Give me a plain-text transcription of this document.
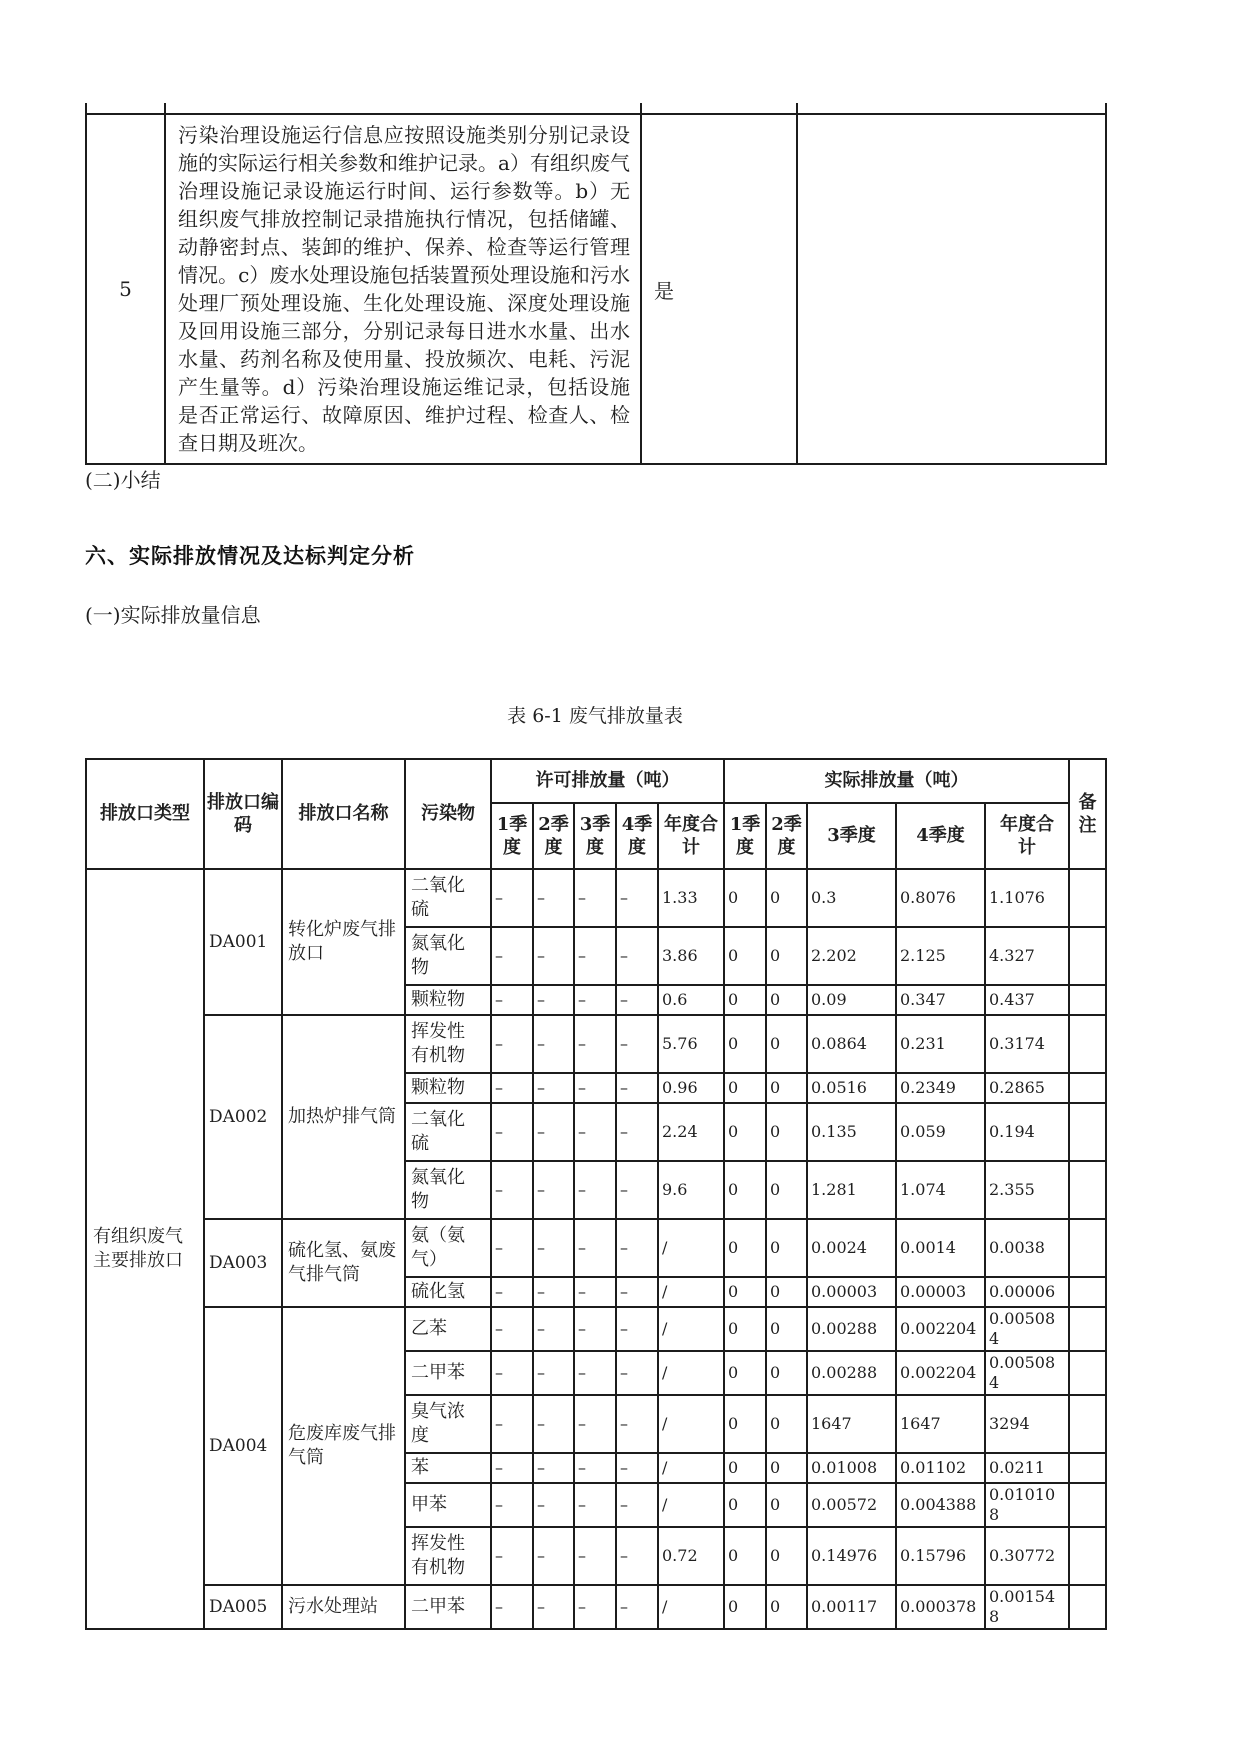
5	污染治理设施运行信息应按照设施类别分别记录设施的实际运行相关参数和维护记录。a）有组织废气治理设施记录设施运行时间、运行参数等。b）无组织废气排放控制记录措施执行情况，包括储罐、动静密封点、装卸的维护、保养、检查等运行管理情况。c）废水处理设施包括装置预处理设施和污水处理厂预处理设施、生化处理设施、深度处理设施及回用设施三部分，分别记录每日进水水量、出水水量、药剂名称及使用量、投放频次、电耗、污泥产生量等。d）污染治理设施运维记录，包括设施是否正常运行、故障原因、维护过程、检查人、检查日期及班次。	是	
(二)小结
六、实际排放情况及达标判定分析
(一)实际排放量信息
表 6-1 废气排放量表
排放口类型	排放口编码	排放口名称	污染物	许可排放量（吨）					实际排放量（吨）					备注
				1季度	2季度	3季度	4季度	年度合计	1季度	2季度	3季度	4季度	年度合计	
有组织废气主要排放口	DA001	转化炉废气排放口	二氧化硫	–	–	–	–	1.33	0	0	0.3	0.8076	1.1076	
			氮氧化物	–	–	–	–	3.86	0	0	2.202	2.125	4.327	
			颗粒物	–	–	–	–	0.6	0	0	0.09	0.347	0.437	
	DA002	加热炉排气筒	挥发性有机物	–	–	–	–	5.76	0	0	0.0864	0.231	0.3174	
			颗粒物	–	–	–	–	0.96	0	0	0.0516	0.2349	0.2865	
			二氧化硫	–	–	–	–	2.24	0	0	0.135	0.059	0.194	
			氮氧化物	–	–	–	–	9.6	0	0	1.281	1.074	2.355	
	DA003	硫化氢、氨废气排气筒	氨（氨气）	–	–	–	–	/	0	0	0.0024	0.0014	0.0038	
			硫化氢	–	–	–	–	/	0	0	0.00003	0.00003	0.00006	
	DA004	危废库废气排气筒	乙苯	–	–	–	–	/	0	0	0.00288	0.002204	0.005084	
			二甲苯	–	–	–	–	/	0	0	0.00288	0.002204	0.005084	
			臭气浓度	–	–	–	–	/	0	0	1647	1647	3294	
			苯	–	–	–	–	/	0	0	0.01008	0.01102	0.0211	
			甲苯	–	–	–	–	/	0	0	0.00572	0.004388	0.010108	
			挥发性有机物	–	–	–	–	0.72	0	0	0.14976	0.15796	0.30772	
	DA005	污水处理站	二甲苯	–	–	–	–	/	0	0	0.00117	0.000378	0.001548	
